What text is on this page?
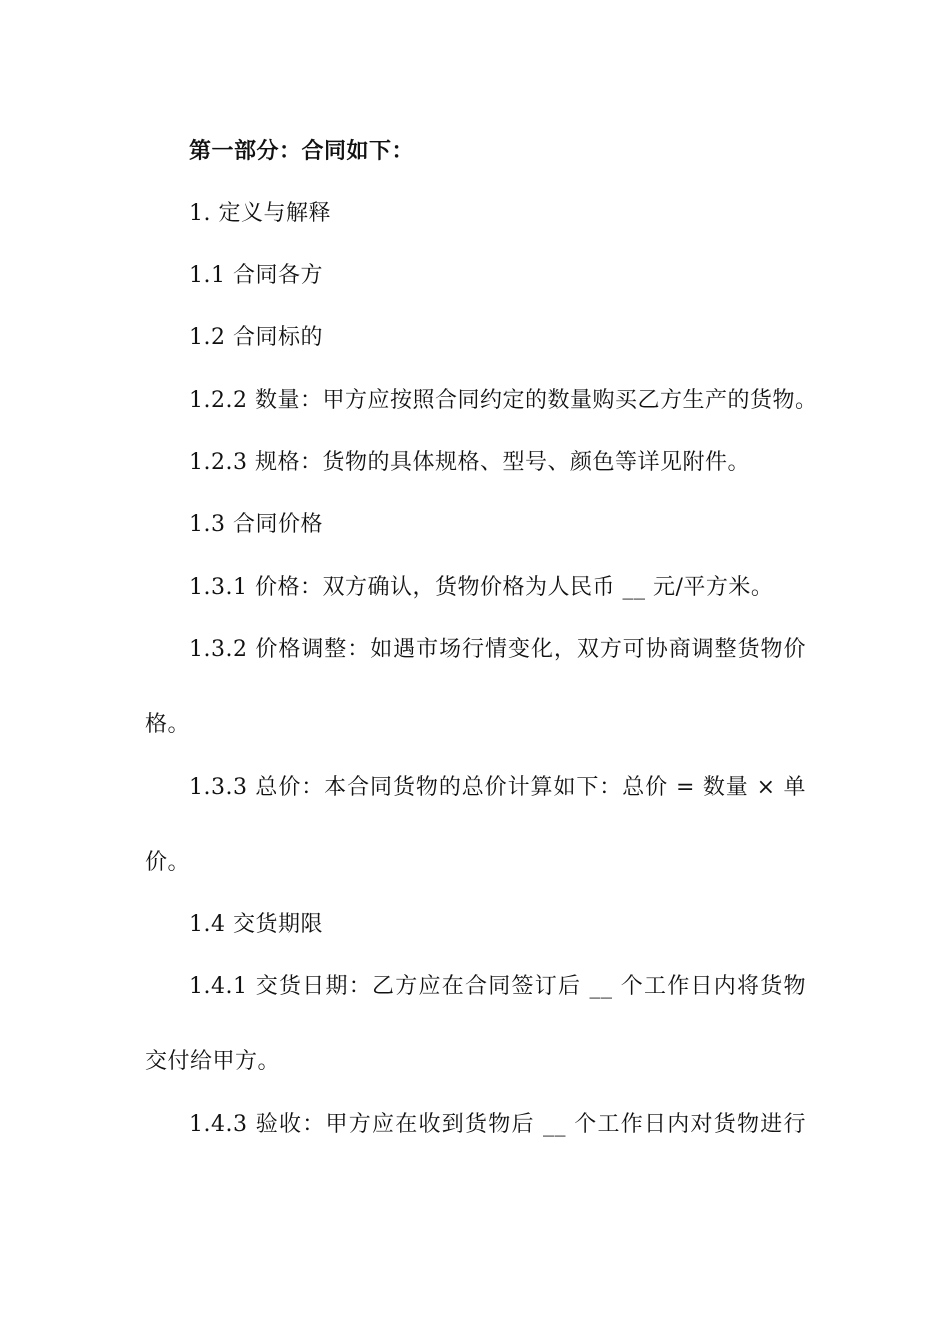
第一部分：合同如下：
1. 定义与解释
1.1 合同各方
1.2 合同标的
1.2.2 数量：甲方应按照合同约定的数量购买乙方生产的货物。
1.2.3 规格：货物的具体规格、型号、颜色等详见附件。
1.3 合同价格
1.3.1 价格：双方确认，货物价格为人民币 __ 元/平方米。
1.3.2 价格调整：如遇市场行情变化，双方可协商调整货物价
格。
1.3.3 总价：本合同货物的总价计算如下：总价 = 数量 × 单
价。
1.4 交货期限
1.4.1 交货日期：乙方应在合同签订后 __ 个工作日内将货物
交付给甲方。
1.4.3 验收：甲方应在收到货物后 __ 个工作日内对货物进行
